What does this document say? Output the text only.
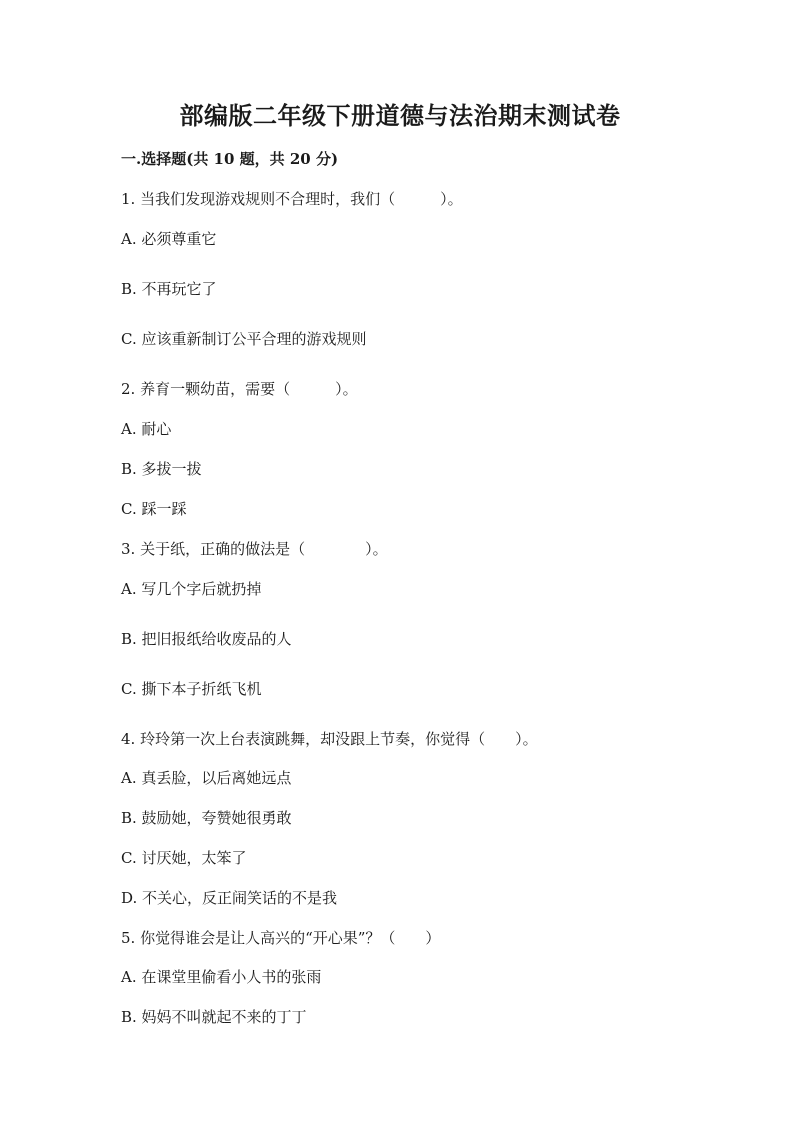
部编版二年级下册道德与法治期末测试卷
一.选择题(共 10 题，共 20 分)
1. 当我们发现游戏规则不合理时，我们（　　　）。
A. 必须尊重它
B. 不再玩它了
C. 应该重新制订公平合理的游戏规则
2. 养育一颗幼苗，需要（　　　）。
A. 耐心
B. 多拔一拔
C. 踩一踩
3. 关于纸，正确的做法是（　　　　）。
A. 写几个字后就扔掉
B. 把旧报纸给收废品的人
C. 撕下本子折纸飞机
4. 玲玲第一次上台表演跳舞，却没跟上节奏，你觉得（　　）。
A. 真丢脸，以后离她远点
B. 鼓励她，夸赞她很勇敢
C. 讨厌她，太笨了
D. 不关心，反正闹笑话的不是我
5. 你觉得谁会是让人高兴的“开心果”？（　　）
A. 在课堂里偷看小人书的张雨
B. 妈妈不叫就起不来的丁丁
